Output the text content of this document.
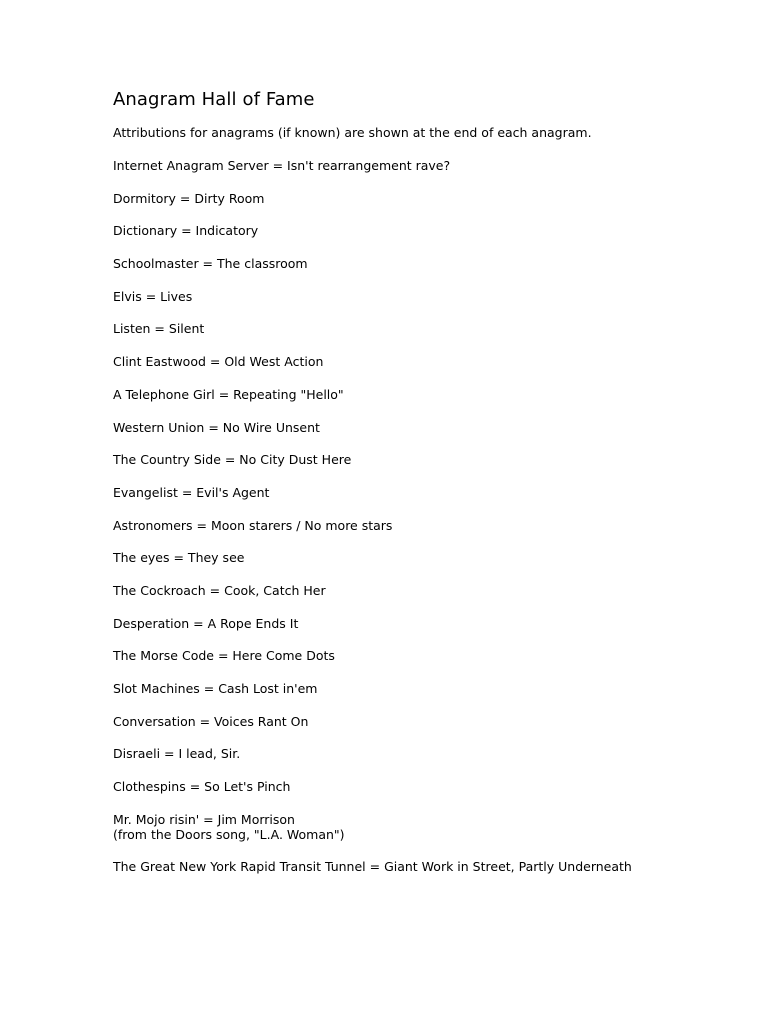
Anagram Hall of Fame

Attributions for anagrams (if known) are shown at the end of each anagram.

Internet Anagram Server = Isn't rearrangement rave?
Dormitory = Dirty Room
Dictionary = Indicatory
Schoolmaster = The classroom
Elvis = Lives
Listen = Silent
Clint Eastwood = Old West Action
A Telephone Girl = Repeating "Hello"
Western Union = No Wire Unsent
The Country Side = No City Dust Here
Evangelist = Evil's Agent
Astronomers = Moon starers / No more stars
The eyes = They see
The Cockroach = Cook, Catch Her
Desperation = A Rope Ends It
The Morse Code = Here Come Dots
Slot Machines = Cash Lost in'em
Conversation = Voices Rant On
Disraeli = I lead, Sir.
Clothespins = So Let's Pinch
Mr. Mojo risin' = Jim Morrison
(from the Doors song, "L.A. Woman")
The Great New York Rapid Transit Tunnel = Giant Work in Street, Partly Underneath
